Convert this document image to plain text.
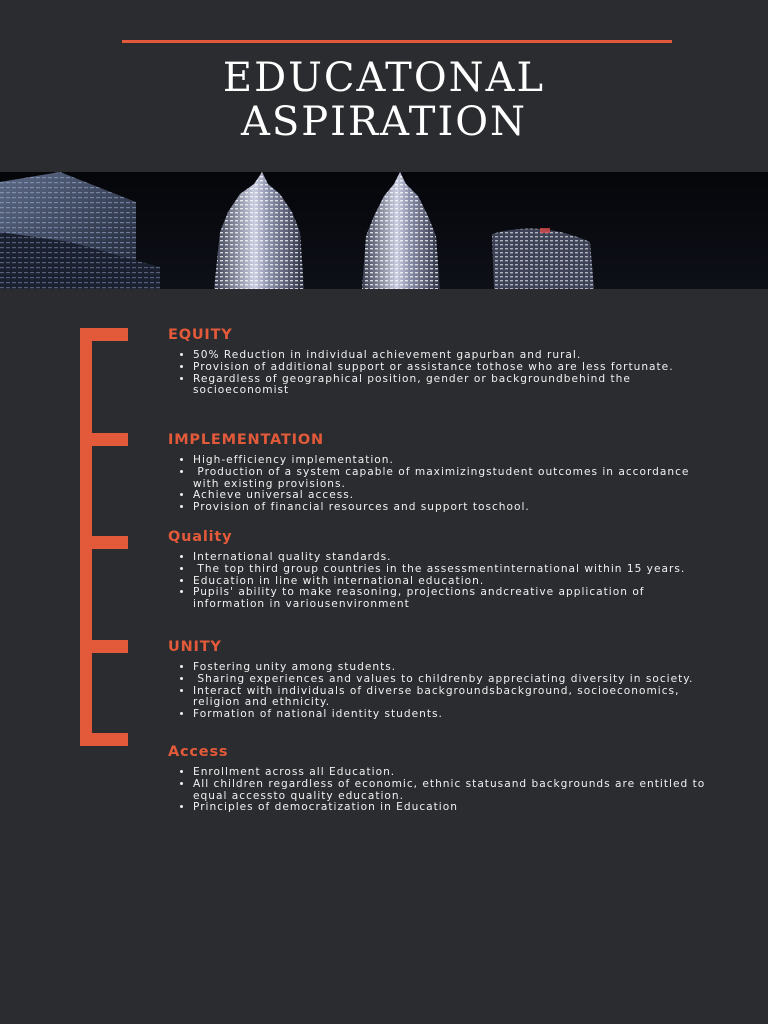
EDUCATONAL
ASPIRATION
EQUITY
• 50% Reduction in individual achievement gapurban and rural.
• Provision of additional support or assistance tothose who are less fortunate.
• Regardless of geographical position, gender or backgroundbehind the socioeconomist
IMPLEMENTATION
• High-efficiency implementation.
•  Production of a system capable of maximizingstudent outcomes in accordance with existing provisions.
• Achieve universal access.
• Provision of financial resources and support toschool.
Quality
• International quality standards.
•  The top third group countries in the assessmentinternational within 15 years.
• Education in line with international education.
• Pupils' ability to make reasoning, projections andcreative application of information in variousenvironment
UNITY
• Fostering unity among students.
•  Sharing experiences and values to childrenby appreciating diversity in society.
• Interact with individuals of diverse backgroundsbackground, socioeconomics, religion and ethnicity.
• Formation of national identity students.
Access
• Enrollment across all Education.
• All children regardless of economic, ethnic statusand backgrounds are entitled to equal accessto quality education.
• Principles of democratization in Education
